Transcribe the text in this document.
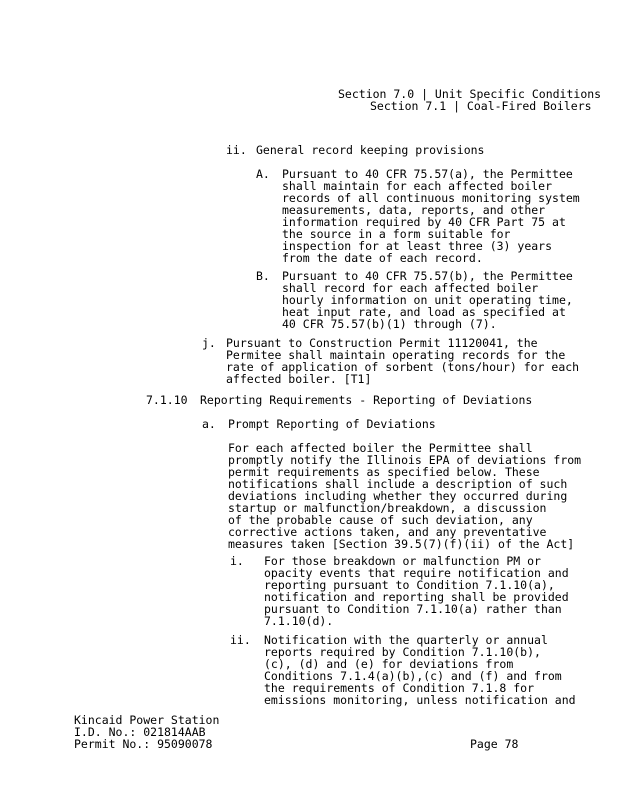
Section 7.0 | Unit Specific Conditions
Section 7.1 | Coal-Fired Boilers
ii. General record keeping provisions
A. Pursuant to 40 CFR 75.57(a), the Permittee
shall maintain for each affected boiler
records of all continuous monitoring system
measurements, data, reports, and other
information required by 40 CFR Part 75 at
the source in a form suitable for
inspection for at least three (3) years
from the date of each record.
B. Pursuant to 40 CFR 75.57(b), the Permittee
shall record for each affected boiler
hourly information on unit operating time,
heat input rate, and load as specified at
40 CFR 75.57(b)(1) through (7).
j. Pursuant to Construction Permit 11120041, the
Permitee shall maintain operating records for the
rate of application of sorbent (tons/hour) for each
affected boiler. [T1]
7.1.10 Reporting Requirements - Reporting of Deviations
a. Prompt Reporting of Deviations
For each affected boiler the Permittee shall
promptly notify the Illinois EPA of deviations from
permit requirements as specified below. These
notifications shall include a description of such
deviations including whether they occurred during
startup or malfunction/breakdown, a discussion
of the probable cause of such deviation, any
corrective actions taken, and any preventative
measures taken [Section 39.5(7)(f)(ii) of the Act]
i. For those breakdown or malfunction PM or
opacity events that require notification and
reporting pursuant to Condition 7.1.10(a),
notification and reporting shall be provided
pursuant to Condition 7.1.10(a) rather than
7.1.10(d).
ii. Notification with the quarterly or annual
reports required by Condition 7.1.10(b),
(c), (d) and (e) for deviations from
Conditions 7.1.4(a)(b),(c) and (f) and from
the requirements of Condition 7.1.8 for
emissions monitoring, unless notification and
Kincaid Power Station
I.D. No.: 021814AAB
Permit No.: 95090078	Page 78
